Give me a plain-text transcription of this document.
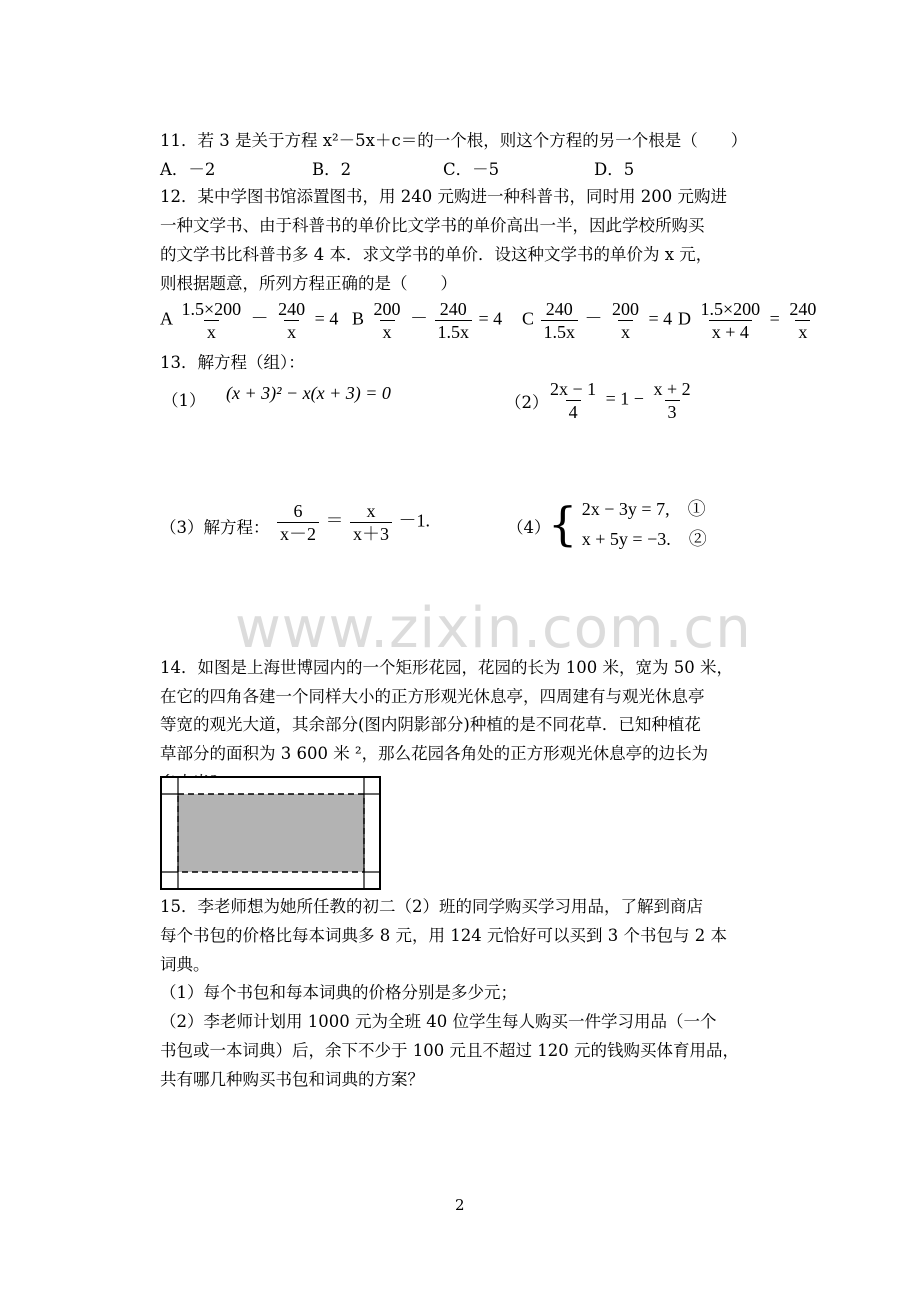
11．若 3 是关于方程 x²－5x＋c＝的一个根，则这个方程的另一个根是（　　）
A．－2	B．2	C．－5	D．5
12．某中学图书馆添置图书，用 240 元购进一种科普书，同时用 200 元购进
一种文学书、由于科普书的单价比文学书的单价高出一半，因此学校所购买
的文学书比科普书多 4 本．求文学书的单价．设这种文学书的单价为 x 元，
则根据题意，所列方程正确的是（　　）
A $\frac{1.5\times 200}{x} - \frac{240}{x} = 4$ B $\frac{200}{x} - \frac{240}{1.5x} = 4$ C $\frac{240}{1.5x} - \frac{200}{x} = 4$ D $\frac{1.5\times 200}{x + 4} = \frac{240}{x}$
13．解方程（组）：
（1） (x + 3)² − x(x + 3) = 0	（2）
$\frac{2x - 1}{4} = 1 - \frac{x + 2}{3}$
（3）解方程： $\frac{6}{x-2} = \frac{x}{x+3} -1$.	（4）
{ 2x − 3y = 7,　①
x + 5y = −3.　②
www.zixin.com.cn
14．如图是上海世博园内的一个矩形花园，花园的长为 100 米，宽为 50 米，
在它的四角各建一个同样大小的正方形观光休息亭，四周建有与观光休息亭
等宽的观光大道，其余部分(图内阴影部分)种植的是不同花草．已知种植花
草部分的面积为 3 600 米 ²，那么花园各角处的正方形观光休息亭的边长为
15．李老师想为她所任教的初二（2）班的同学购买学习用品，了解到商店
每个书包的价格比每本词典多 8 元，用 124 元恰好可以买到 3 个书包与 2 本
词典。
（1）每个书包和每本词典的价格分别是多少元；
（2）李老师计划用 1000 元为全班 40 位学生每人购买一件学习用品（一个
书包或一本词典）后，余下不少于 100 元且不超过 120 元的钱购买体育用品，
共有哪几种购买书包和词典的方案？
2
